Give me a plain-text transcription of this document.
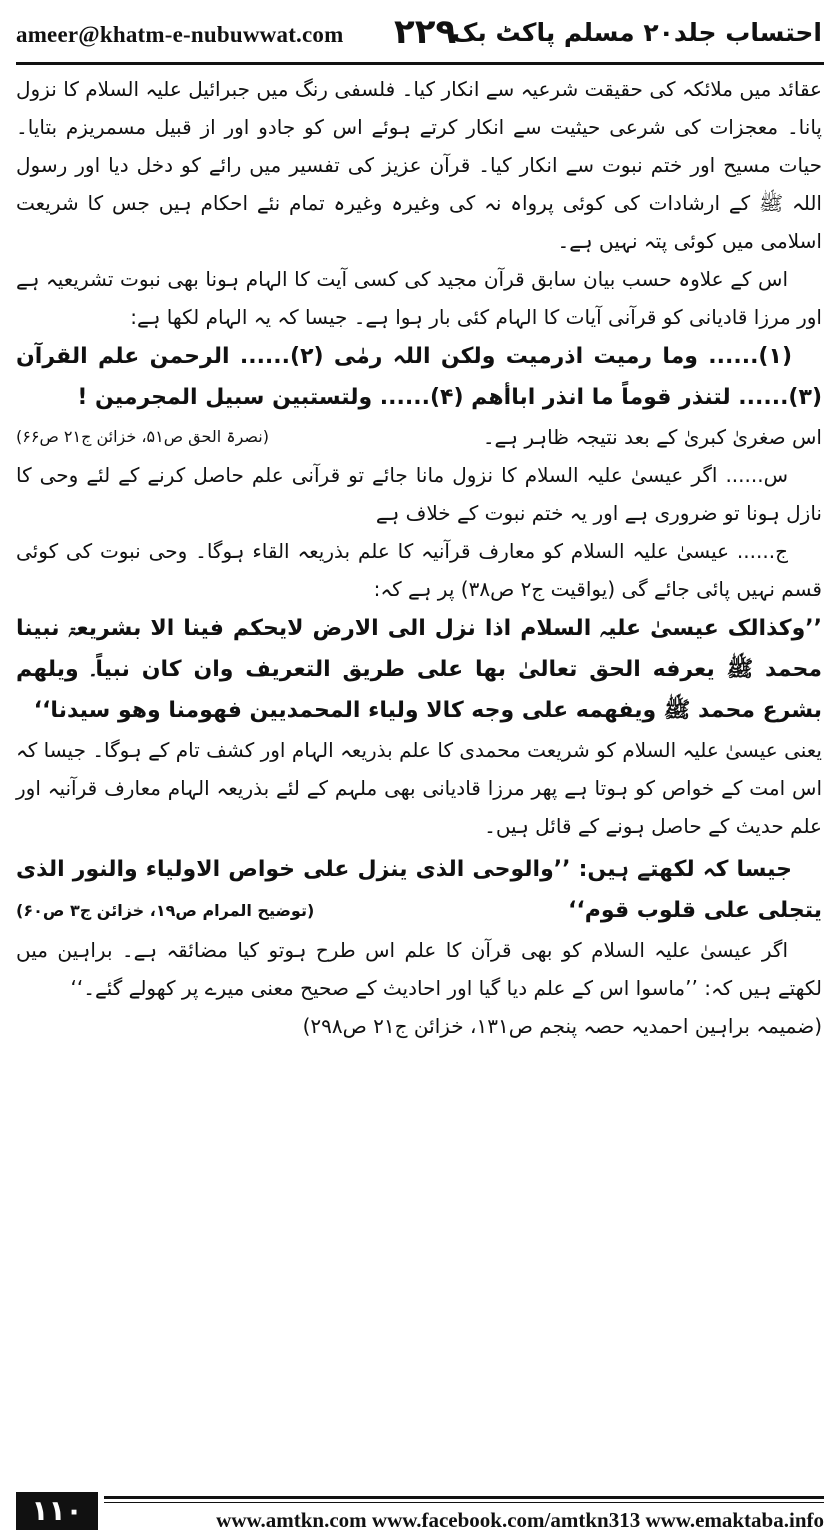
ameer@khatm-e-nubuwwat.com ۲۲۹
احتساب جلد۲۰ مسلم پاکٹ بک

عقائد میں ملائکہ کی حقیقت شرعیہ سے انکار کیا۔ فلسفی رنگ میں جبرائیل علیہ السلام کا نزول پانا۔ معجزات کی شرعی حیثیت سے انکار کرتے ہوئے اس کو جادو اور از قبیل مسمریزم بتایا۔ حیات مسیح اور ختم نبوت سے انکار کیا۔ قرآن عزیز کی تفسیر میں رائے کو دخل دیا اور رسول اللہ ﷺ کے ارشادات کی کوئی پرواہ نہ کی وغیرہ وغیرہ تمام نئے احکام ہیں جس کا شریعت اسلامی میں کوئی پتہ نہیں ہے۔

اس کے علاوہ حسب بیان سابق قرآن مجید کی کسی آیت کا الہام ہونا بھی نبوت تشریعیہ ہے اور مرزا قادیانی کو قرآنی آیات کا الہام کئی بار ہوا ہے۔ جیسا کہ یہ الہام لکھا ہے:

(۱)...... وما رمیت اذرمیت ولکن اللہ رمٰی (۲)...... الرحمن علم القرآن (۳)...... لتنذر قوماً ما انذر اباأھم (۴)...... ولتستبین سبیل المجرمین !

(نصرۃ الحق ص۵۱، خزائن ج۲۱ ص۶۶)	اس صغریٰ کبریٰ کے بعد نتیجہ ظاہر ہے۔

س...... اگر عیسیٰ علیہ السلام کا نزول مانا جائے تو قرآنی علم حاصل کرنے کے لئے وحی کا نازل ہونا تو ضروری ہے اور یہ ختم نبوت کے خلاف ہے

ج...... عیسیٰ علیہ السلام کو معارف قرآنیہ کا علم بذریعہ القاء ہوگا۔ وحی نبوت کی کوئی قسم نہیں پائی جائے گی (یواقیت ج۲ ص۳۸) پر ہے کہ:

’’وکذالک عیسیٰ علیہ السلام اذا نزل الی الارض لایحکم فینا الا بشریعۃ نبینا محمد ﷺ یعرفه الحق تعالیٰ بها علی طریق التعریف وان کان نبیاً۔ ویلھم بشرع محمد ﷺ ویفهمه علی وجه کالا ولیاء المحمدیین فهومنا وهو سیدنا‘‘

یعنی عیسیٰ علیہ السلام کو شریعت محمدی کا علم بذریعہ الہام اور کشف تام کے ہوگا۔ جیسا کہ اس امت کے خواص کو ہوتا ہے پھر مرزا قادیانی بھی ملہم کے لئے بذریعہ الہام معارف قرآنیہ اور علم حدیث کے حاصل ہونے کے قائل ہیں۔

جیسا کہ لکھتے ہیں: ’’والوحی الذی ینزل علی خواص الاولیاء والنور الذی یتجلی علی قلوب قوم‘‘
(توضیح المرام ص۱۹، خزائن ج۳ ص۶۰)

اگر عیسیٰ علیہ السلام کو بھی قرآن کا علم اس طرح ہوتو کیا مضائقہ ہے۔ براہین میں لکھتے ہیں کہ: ’’ماسوا اس کے علم دیا گیا اور احادیث کے صحیح معنی میرے پر کھولے گئے۔‘‘

(ضمیمہ براہین احمدیہ حصہ پنجم ص۱۳۱، خزائن ج۲۱ ص۲۹۸)

۱۱۰	www.amtkn.com www.facebook.com/amtkn313 www.emaktaba.info
